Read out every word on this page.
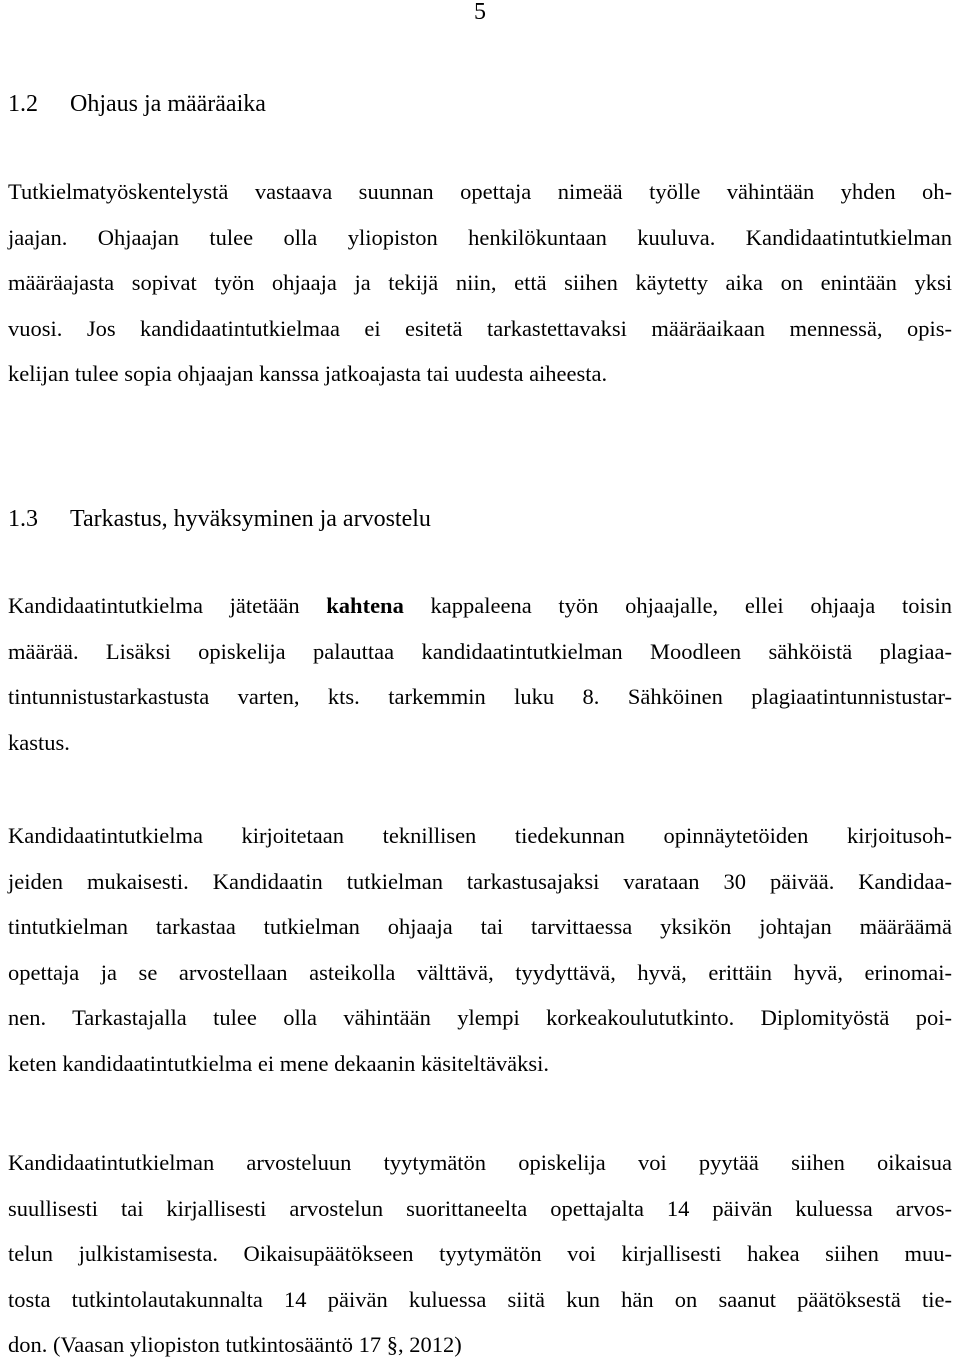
5
1.2 Ohjaus ja määräaika
Tutkielmatyöskentelystä vastaava suunnan opettaja nimeää työlle vähintään yhden oh-
jaajan. Ohjaajan tulee olla yliopiston henkilökuntaan kuuluva. Kandidaatintutkielman
määräajasta sopivat työn ohjaaja ja tekijä niin, että siihen käytetty aika on enintään yksi
vuosi. Jos kandidaatintutkielmaa ei esitetä tarkastettavaksi määräaikaan mennessä, opis-
kelijan tulee sopia ohjaajan kanssa jatkoajasta tai uudesta aiheesta.
1.3 Tarkastus, hyväksyminen ja arvostelu
Kandidaatintutkielma jätetään kahtena kappaleena työn ohjaajalle, ellei ohjaaja toisin
määrää. Lisäksi opiskelija palauttaa kandidaatintutkielman Moodleen sähköistä plagiaa-
tintunnistustarkastusta varten, kts. tarkemmin luku 8. Sähköinen plagiaatintunnistustar-
kastus.
Kandidaatintutkielma kirjoitetaan teknillisen tiedekunnan opinnäytetöiden kirjoitusoh-
jeiden mukaisesti. Kandidaatin tutkielman tarkastusajaksi varataan 30 päivää. Kandidaa-
tintutkielman tarkastaa tutkielman ohjaaja tai tarvittaessa yksikön johtajan määräämä
opettaja ja se arvostellaan asteikolla välttävä, tyydyttävä, hyvä, erittäin hyvä, erinomai-
nen. Tarkastajalla tulee olla vähintään ylempi korkeakoulututkinto. Diplomityöstä poi-
keten kandidaatintutkielma ei mene dekaanin käsiteltäväksi.
Kandidaatintutkielman arvosteluun tyytymätön opiskelija voi pyytää siihen oikaisua
suullisesti tai kirjallisesti arvostelun suorittaneelta opettajalta 14 päivän kuluessa arvos-
telun julkistamisesta. Oikaisupäätökseen tyytymätön voi kirjallisesti hakea siihen muu-
tosta tutkintolautakunnalta 14 päivän kuluessa siitä kun hän on saanut päätöksestä tie-
don. (Vaasan yliopiston tutkintosääntö 17 §, 2012)
